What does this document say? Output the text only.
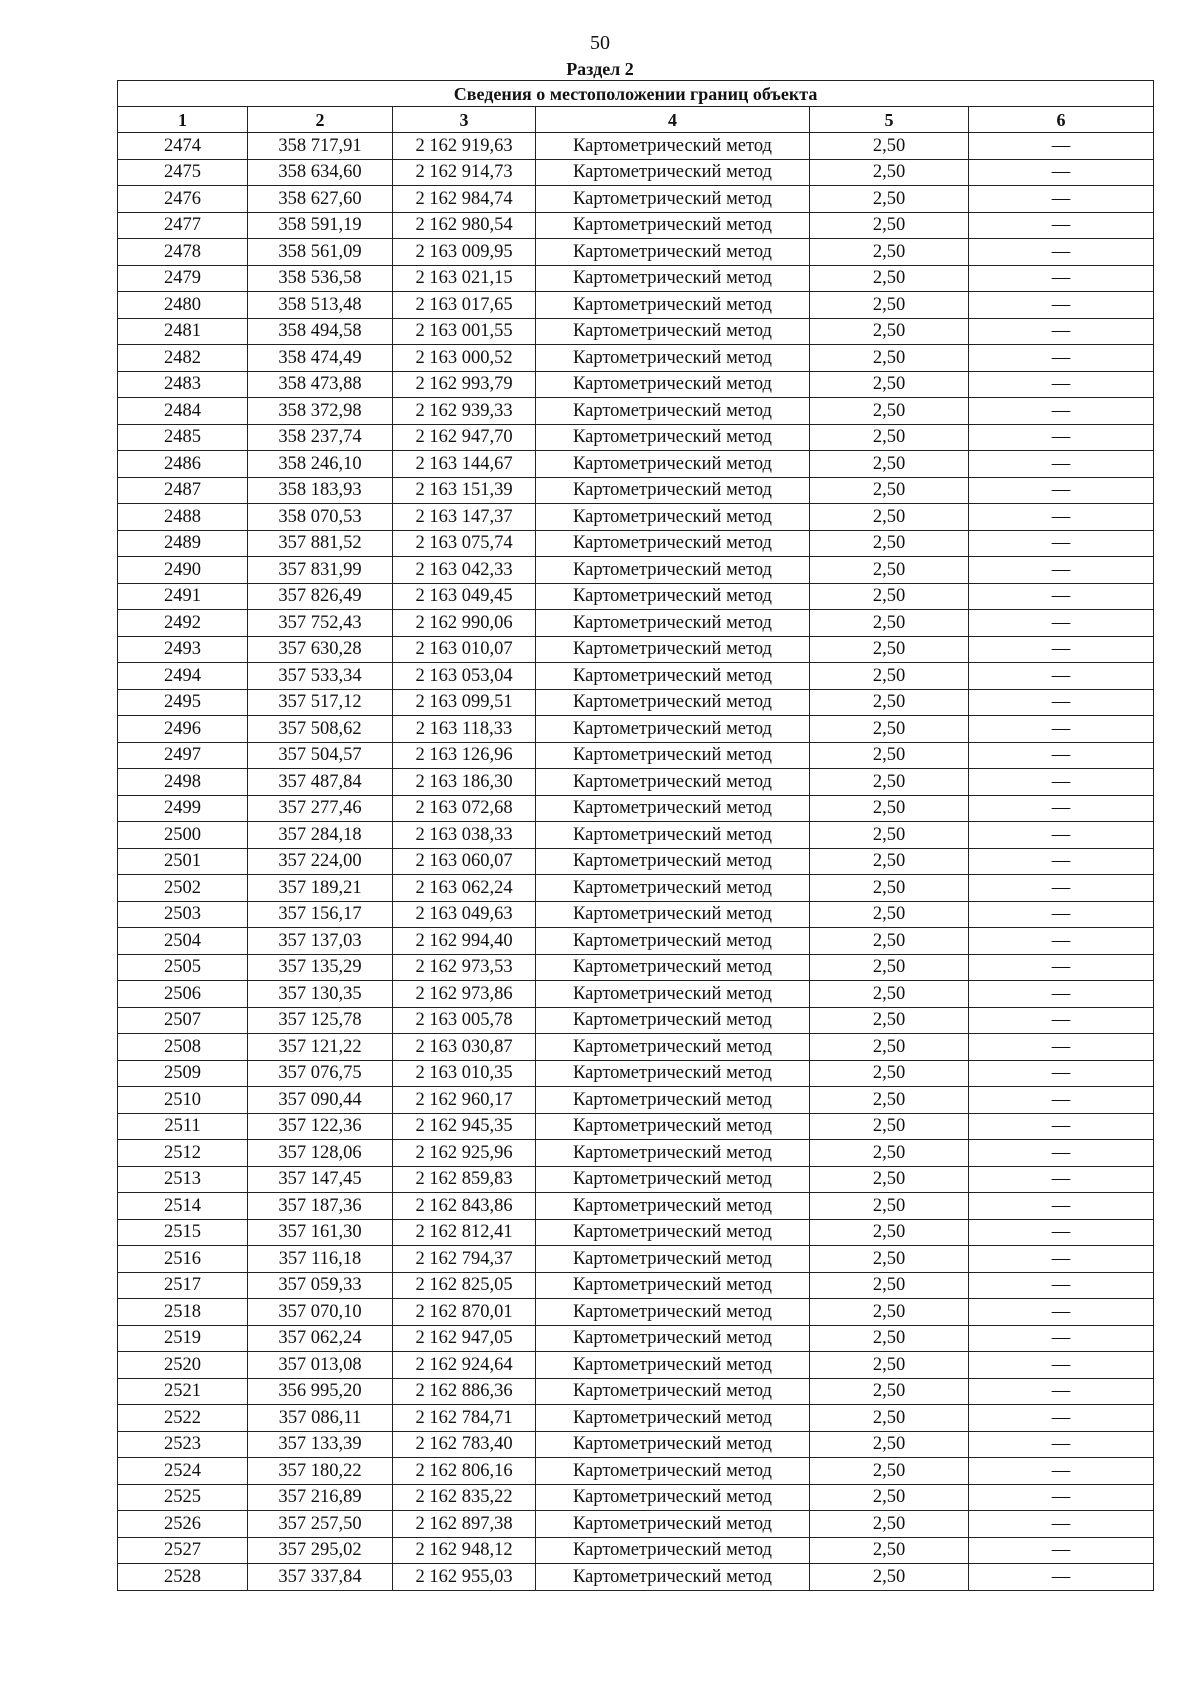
50
Раздел 2
Сведения о местоположении границ объекта					
1	2	3	4	5	6
2474	358 717,91	2 162 919,63	Картометрический метод	2,50	—
2475	358 634,60	2 162 914,73	Картометрический метод	2,50	—
2476	358 627,60	2 162 984,74	Картометрический метод	2,50	—
2477	358 591,19	2 162 980,54	Картометрический метод	2,50	—
2478	358 561,09	2 163 009,95	Картометрический метод	2,50	—
2479	358 536,58	2 163 021,15	Картометрический метод	2,50	—
2480	358 513,48	2 163 017,65	Картометрический метод	2,50	—
2481	358 494,58	2 163 001,55	Картометрический метод	2,50	—
2482	358 474,49	2 163 000,52	Картометрический метод	2,50	—
2483	358 473,88	2 162 993,79	Картометрический метод	2,50	—
2484	358 372,98	2 162 939,33	Картометрический метод	2,50	—
2485	358 237,74	2 162 947,70	Картометрический метод	2,50	—
2486	358 246,10	2 163 144,67	Картометрический метод	2,50	—
2487	358 183,93	2 163 151,39	Картометрический метод	2,50	—
2488	358 070,53	2 163 147,37	Картометрический метод	2,50	—
2489	357 881,52	2 163 075,74	Картометрический метод	2,50	—
2490	357 831,99	2 163 042,33	Картометрический метод	2,50	—
2491	357 826,49	2 163 049,45	Картометрический метод	2,50	—
2492	357 752,43	2 162 990,06	Картометрический метод	2,50	—
2493	357 630,28	2 163 010,07	Картометрический метод	2,50	—
2494	357 533,34	2 163 053,04	Картометрический метод	2,50	—
2495	357 517,12	2 163 099,51	Картометрический метод	2,50	—
2496	357 508,62	2 163 118,33	Картометрический метод	2,50	—
2497	357 504,57	2 163 126,96	Картометрический метод	2,50	—
2498	357 487,84	2 163 186,30	Картометрический метод	2,50	—
2499	357 277,46	2 163 072,68	Картометрический метод	2,50	—
2500	357 284,18	2 163 038,33	Картометрический метод	2,50	—
2501	357 224,00	2 163 060,07	Картометрический метод	2,50	—
2502	357 189,21	2 163 062,24	Картометрический метод	2,50	—
2503	357 156,17	2 163 049,63	Картометрический метод	2,50	—
2504	357 137,03	2 162 994,40	Картометрический метод	2,50	—
2505	357 135,29	2 162 973,53	Картометрический метод	2,50	—
2506	357 130,35	2 162 973,86	Картометрический метод	2,50	—
2507	357 125,78	2 163 005,78	Картометрический метод	2,50	—
2508	357 121,22	2 163 030,87	Картометрический метод	2,50	—
2509	357 076,75	2 163 010,35	Картометрический метод	2,50	—
2510	357 090,44	2 162 960,17	Картометрический метод	2,50	—
2511	357 122,36	2 162 945,35	Картометрический метод	2,50	—
2512	357 128,06	2 162 925,96	Картометрический метод	2,50	—
2513	357 147,45	2 162 859,83	Картометрический метод	2,50	—
2514	357 187,36	2 162 843,86	Картометрический метод	2,50	—
2515	357 161,30	2 162 812,41	Картометрический метод	2,50	—
2516	357 116,18	2 162 794,37	Картометрический метод	2,50	—
2517	357 059,33	2 162 825,05	Картометрический метод	2,50	—
2518	357 070,10	2 162 870,01	Картометрический метод	2,50	—
2519	357 062,24	2 162 947,05	Картометрический метод	2,50	—
2520	357 013,08	2 162 924,64	Картометрический метод	2,50	—
2521	356 995,20	2 162 886,36	Картометрический метод	2,50	—
2522	357 086,11	2 162 784,71	Картометрический метод	2,50	—
2523	357 133,39	2 162 783,40	Картометрический метод	2,50	—
2524	357 180,22	2 162 806,16	Картометрический метод	2,50	—
2525	357 216,89	2 162 835,22	Картометрический метод	2,50	—
2526	357 257,50	2 162 897,38	Картометрический метод	2,50	—
2527	357 295,02	2 162 948,12	Картометрический метод	2,50	—
2528	357 337,84	2 162 955,03	Картометрический метод	2,50	—
